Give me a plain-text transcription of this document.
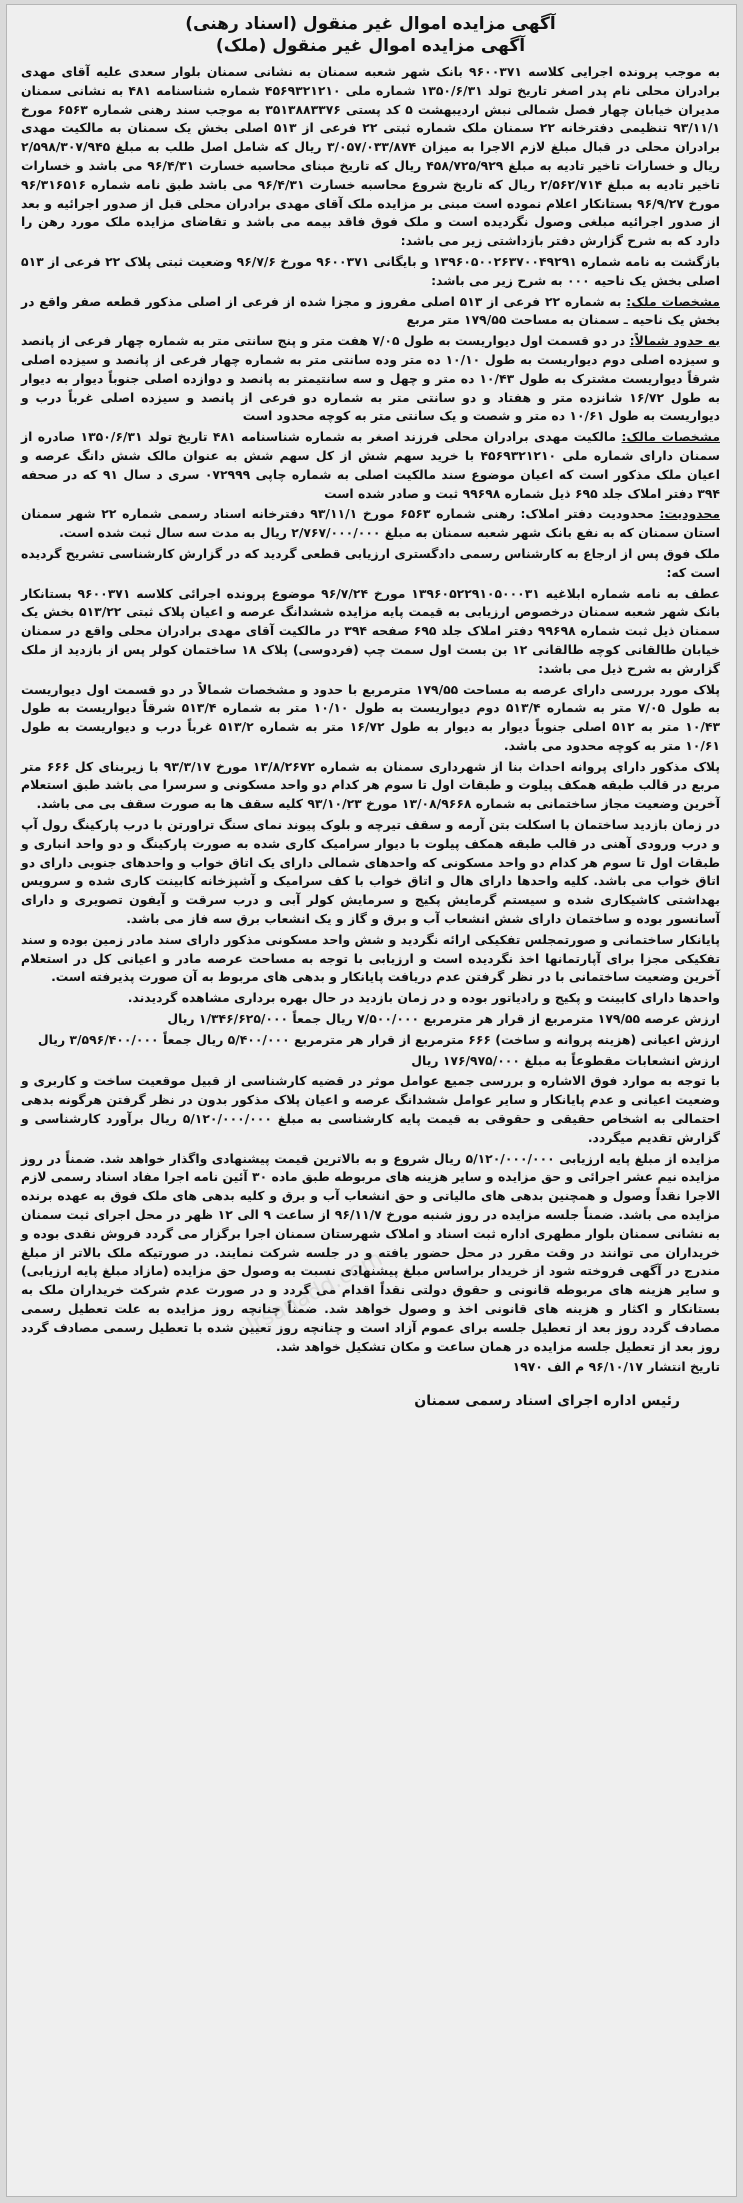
آگهی مزایده اموال غیر منقول (اسناد رهنی)
آگهی مزایده اموال غیر منقول (ملک)

به موجب پرونده اجرایی کلاسه ۹۶۰۰۳۷۱ بانک شهر شعبه سمنان به نشانی سمنان بلوار سعدی علیه آقای مهدی برادران محلی نام پدر اصغر تاریخ تولد ۱۳۵۰/۶/۳۱ شماره ملی ۴۵۶۹۳۲۱۲۱۰ شماره شناسنامه ۴۸۱ به نشانی سمنان مدیران خیابان چهار فصل شمالی نبش اردیبهشت ۵ کد پستی ۳۵۱۳۸۸۳۳۷۶ به موجب سند رهنی شماره ۶۵۶۳ مورخ ۹۳/۱۱/۱ تنظیمی دفترخانه ۲۲ سمنان ملک شماره ثبتی ۲۲ فرعی از ۵۱۳ اصلی بخش یک سمنان به مالکیت مهدی برادران محلی در قبال مبلغ لازم الاجرا به میزان ۳/۰۵۷/۰۳۳/۸۷۴ ریال که شامل اصل طلب به مبلغ ۲/۵۹۸/۳۰۷/۹۴۵ ریال و خسارات تاخیر تادیه به مبلغ ۴۵۸/۷۲۵/۹۲۹ ریال که تاریخ مبنای محاسبه خسارت ۹۶/۴/۳۱ می باشد و خسارات تاخیر تادیه به مبلغ ۲/۵۶۲/۷۱۴ ریال که تاریخ شروع محاسبه خسارت ۹۶/۴/۳۱ می باشد طبق نامه شماره ۹۶/۳۱۶۵۱۶ مورخ ۹۶/۹/۲۷ بستانکار اعلام نموده است مبنی بر مزایده ملک آقای مهدی برادران محلی قبل از صدور اجرائیه و بعد از صدور اجرائیه مبلغی وصول نگردیده است و ملک فوق فاقد بیمه می باشد و تقاضای مزایده ملک مورد رهن را دارد که به شرح گزارش دفتر بازداشتی زیر می باشد:

بازگشت به نامه شماره ۱۳۹۶۰۵۰۰۲۶۳۷۰۰۴۹۲۹۱ و بایگانی ۹۶۰۰۳۷۱ مورخ ۹۶/۷/۶ وضعیت ثبتی پلاک ۲۲ فرعی از ۵۱۳ اصلی بخش یک ناحیه ۰۰۰ به شرح زیر می باشد:

مشخصات ملک: به شماره ۲۲ فرعی از ۵۱۳ اصلی مفروز و مجزا شده از فرعی از اصلی مذکور قطعه صفر واقع در بخش یک ناحیه ـ سمنان به مساحت ۱۷۹/۵۵ متر مربع

به حدود شمالاً: در دو قسمت اول دیواریست به طول ۷/۰۵ هفت متر و پنج سانتی متر به شماره چهار فرعی از پانصد و سیزده اصلی دوم دیواریست به طول ۱۰/۱۰ ده متر وده سانتی متر به شماره چهار فرعی از پانصد و سیزده اصلی شرقاً دیواریست مشترک به طول ۱۰/۴۳ ده متر و چهل و سه سانتیمتر به پانصد و دوازده اصلی جنوباً دیوار به دیوار به طول ۱۶/۷۲ شانزده متر و هفتاد و دو سانتی متر به شماره دو فرعی از پانصد و سیزده اصلی غرباً درب و دیواریست به طول ۱۰/۶۱ ده متر و شصت و یک سانتی متر به کوچه محدود است

مشخصات مالک: مالکیت مهدی برادران محلی فرزند اصغر به شماره شناسنامه ۴۸۱ تاریخ تولد ۱۳۵۰/۶/۳۱ صادره از سمنان دارای شماره ملی ۴۵۶۹۳۲۱۲۱۰ با خرید سهم شش از کل سهم شش به عنوان مالک شش دانگ عرصه و اعیان ملک مذکور است که اعیان موضوع سند مالکیت اصلی به شماره چاپی ۰۷۲۹۹۹ سری د سال ۹۱ که در صحفه ۳۹۴ دفتر املاک جلد ۶۹۵ ذیل شماره ۹۹۶۹۸ ثبت و صادر شده است

محدودیت: محدودیت دفتر املاک: رهنی شماره ۶۵۶۳ مورخ ۹۳/۱۱/۱ دفترخانه اسناد رسمی شماره ۲۲ شهر سمنان استان سمنان که به نفع بانک شهر شعبه سمنان به مبلغ ۲/۷۶۷/۰۰۰/۰۰۰ ریال به مدت سه سال ثبت شده است.

ملک فوق پس از ارجاع به کارشناس رسمی دادگستری ارزیابی قطعی گردید که در گزارش کارشناسی تشریح گردیده است که:

عطف به نامه شماره ابلاغیه ۱۳۹۶۰۵۲۲۹۱۰۵۰۰۰۳۱ مورخ ۹۶/۷/۲۴ موضوع پرونده اجرائی کلاسه ۹۶۰۰۳۷۱ بستانکار بانک شهر شعبه سمنان درخصوص ارزیابی به قیمت پایه مزایده ششدانگ عرصه و اعیان پلاک ثبتی ۵۱۳/۲۲ بخش یک سمنان ذیل ثبت شماره ۹۹۶۹۸ دفتر املاک جلد ۶۹۵ صفحه ۳۹۴ در مالکیت آقای مهدی برادران محلی واقع در سمنان خیابان طالقانی کوچه طالقانی ۱۲ بن بست اول سمت چپ (فردوسی) پلاک ۱۸ ساختمان کولر پس از بازدید از ملک گزارش به شرح ذیل می باشد:

پلاک مورد بررسی دارای عرصه به مساحت ۱۷۹/۵۵ مترمربع با حدود و مشخصات شمالاً در دو قسمت اول دیواریست به طول ۷/۰۵ متر به شماره ۵۱۳/۴ دوم دیواریست به طول ۱۰/۱۰ متر به شماره ۵۱۳/۴ شرقاً دیواریست به طول ۱۰/۴۳ متر به ۵۱۲ اصلی جنوباً دیوار به دیوار به طول ۱۶/۷۲ متر به شماره ۵۱۳/۲ غرباً درب و دیواریست به طول ۱۰/۶۱ متر به کوچه محدود می باشد.

پلاک مذکور دارای پروانه احداث بنا از شهرداری سمنان به شماره ۱۳/۸/۲۶۷۲ مورخ ۹۳/۳/۱۷ با زیربنای کل ۶۶۶ متر مربع در قالب طبقه همکف پیلوت و طبقات اول تا سوم هر کدام دو واحد مسکونی و سرسرا می باشد طبق استعلام آخرین وضعیت مجاز ساختمانی به شماره ۱۳/۰۸/۹۶۶۸ مورخ ۹۳/۱۰/۲۳ کلیه سقف ها به صورت سقف بی می باشد.

در زمان بازدید ساختمان با اسکلت بتن آرمه و سقف تیرچه و بلوک پیوند نمای سنگ تراورتن با درب پارکینگ رول آپ و درب ورودی آهنی در قالب طبقه همکف پیلوت با دیوار سرامیک کاری شده به صورت پارکینگ و دو واحد انباری و طبقات اول تا سوم هر کدام دو واحد مسکونی که واحدهای شمالی دارای یک اتاق خواب و واحدهای جنوبی دارای دو اتاق خواب می باشد. کلیه واحدها دارای هال و اتاق خواب با کف سرامیک و آشپزخانه کابینت کاری شده و سرویس بهداشتی کاشیکاری شده و سیستم گرمایش پکیج و سرمایش کولر آبی و درب سرقت و آیفون تصویری و دارای آسانسور بوده و ساختمان دارای شش انشعاب آب و برق و گاز و یک انشعاب برق سه فاز می باشد.

پایانکار ساختمانی و صورتمجلس تفکیکی ارائه نگردید و شش واحد مسکونی مذکور دارای سند مادر زمین بوده و سند تفکیکی مجزا برای آپارتمانها اخذ نگردیده است و ارزیابی با توجه به مساحت عرصه مادر و اعیانی کل در استعلام آخرین وضعیت ساختمانی با در نظر گرفتن عدم دریافت پایانکار و بدهی های مربوط به آن صورت پذیرفته است.

واحدها دارای کابینت و پکیج و رادیاتور بوده و در زمان بازدید در حال بهره برداری مشاهده گردیدند.

ارزش عرصه ۱۷۹/۵۵ مترمربع از قرار هر مترمربع ۷/۵۰۰/۰۰۰ ریال جمعاً ۱/۳۴۶/۶۲۵/۰۰۰ ریال

ارزش اعیانی (هزینه پروانه و ساخت) ۶۶۶ مترمربع از قرار هر مترمربع ۵/۴۰۰/۰۰۰ ریال جمعاً ۳/۵۹۶/۴۰۰/۰۰۰ ریال

ارزش انشعابات مقطوعاً به مبلغ ۱۷۶/۹۷۵/۰۰۰ ریال

با توجه به موارد فوق الاشاره و بررسی جمیع عوامل موثر در قضیه کارشناسی از قبیل موقعیت ساخت و کاربری و وضعیت اعیانی و عدم پایانکار و سایر عوامل ششدانگ عرصه و اعیان پلاک مذکور بدون در نظر گرفتن هرگونه بدهی احتمالی به اشخاص حقیقی و حقوقی به قیمت پایه کارشناسی به مبلغ ۵/۱۲۰/۰۰۰/۰۰۰ ریال برآورد کارشناسی و گزارش تقدیم میگردد.

مزایده از مبلغ پایه ارزیابی ۵/۱۲۰/۰۰۰/۰۰۰ ریال شروع و به بالاترین قیمت پیشنهادی واگذار خواهد شد. ضمناً در روز مزایده نیم عشر اجرائی و حق مزایده و سایر هزینه های مربوطه طبق ماده ۳۰ آئین نامه اجرا مفاد اسناد رسمی لازم الاجرا نقداً وصول و همچنین بدهی های مالیاتی و حق انشعاب آب و برق و کلیه بدهی های ملک فوق به عهده برنده مزایده می باشد. ضمناً جلسه مزایده در روز شنبه مورخ ۹۶/۱۱/۷ از ساعت ۹ الی ۱۲ ظهر در محل اجرای ثبت سمنان به نشانی سمنان بلوار مطهری اداره ثبت اسناد و املاک شهرستان سمنان اجرا برگزار می گردد فروش نقدی بوده و خریداران می توانند در وقت مقرر در محل حضور یافته و در جلسه شرکت نمایند. در صورتیکه ملک بالاتر از مبلغ مندرج در آگهی فروخته شود از خریدار براساس مبلغ پیشنهادی نسبت به وصول حق مزایده (مازاد مبلغ پایه ارزیابی) و سایر هزینه های مربوطه قانونی و حقوق دولتی نقداً اقدام می گردد و در صورت عدم شرکت خریداران ملک به بستانکار و اکثار و هزینه های قانونی اخذ و وصول خواهد شد. ضمناً چنانچه روز مزایده به علت تعطیل رسمی مصادف گردد روز بعد از تعطیل جلسه برای عموم آزاد است و چنانچه روز تعیین شده با تعطیل رسمی مصادف گردد روز بعد از تعطیل جلسه مزایده در همان ساعت و مکان تشکیل خواهد شد.

تاریخ انتشار ۹۶/۱۰/۱۷ م الف ۱۹۷۰

رئیس اداره اجرای اسناد رسمی سمنان
